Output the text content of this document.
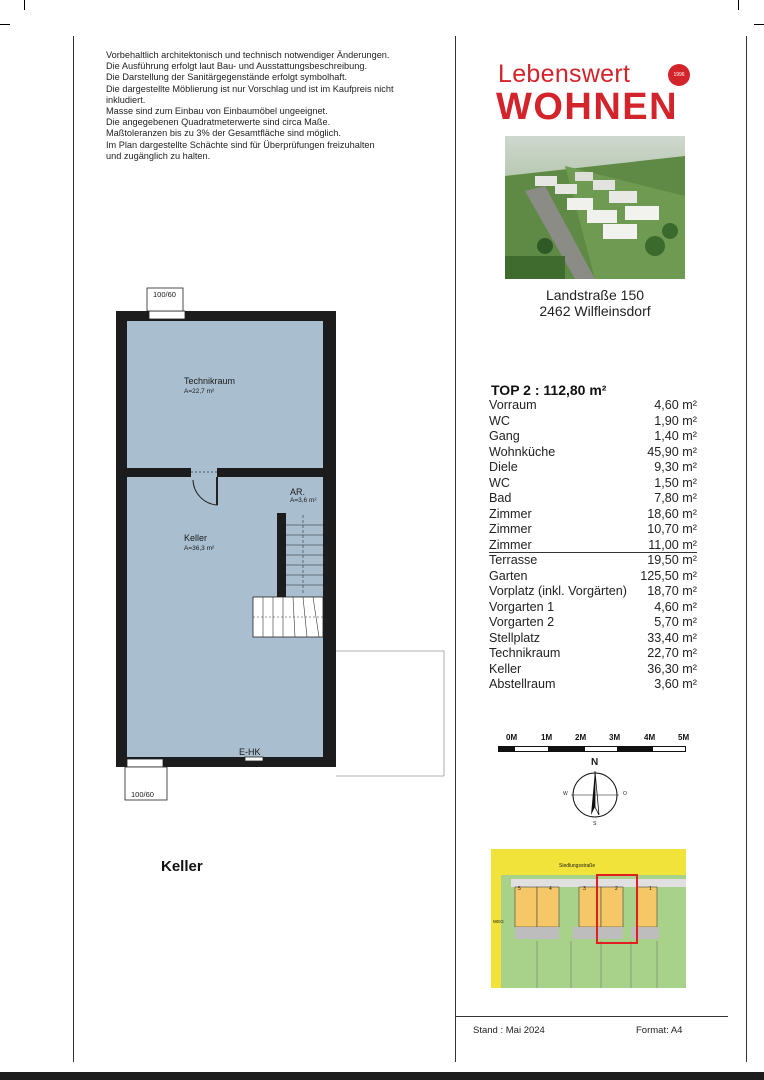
Vorbehaltlich architektonisch und technisch notwendiger Änderungen.
Die Ausführung erfolgt laut Bau- und Ausstattungsbeschreibung.
Die Darstellung der Sanitärgegenstände erfolgt symbolhaft.
Die dargestellte Möblierung ist nur Vorschlag und ist im Kaufpreis nicht
inkludiert.
Masse sind zum Einbau von Einbaumöbel ungeeignet.
Die angegebenen Quadratmeterwerte sind circa Maße.
Maßtoleranzen bis zu 3% der Gesamtfläche sind möglich.
Im Plan dargestellte Schächte sind für Überprüfungen freizuhalten
und zugänglich zu halten.
Lebenswert
WOHNEN
1996
Landstraße 150
2462 Wilfleinsdorf
TOP 2 : 112,80 m²
Vorraum	4,60 m²
WC	1,90 m²
Gang	1,40 m²
Wohnküche	45,90 m²
Diele	9,30 m²
WC	1,50 m²
Bad	7,80 m²
Zimmer	18,60 m²
Zimmer	10,70 m²
Zimmer	11,00 m²
Terrasse	19,50 m²
Garten	125,50 m²
Vorplatz (inkl. Vorgärten) 18,70 m²
Vorgarten 1	4,60 m²
Vorgarten 2	5,70 m²
Stellplatz	33,40 m²
Technikraum	22,70 m²
Keller	36,30 m²
Abstellraum	3,60 m²
0M	1M	2M	3M	4M	5M
N
W	O
S
100/60
100/60
Technikraum
A=22,7 m²
Keller
A=36,3 m²
AR.
A=3,6 m²
E-HK
Keller	Siedlungsstraße
WEG
5	4	3	2	1
Stand : Mai 2024	Format: A4
